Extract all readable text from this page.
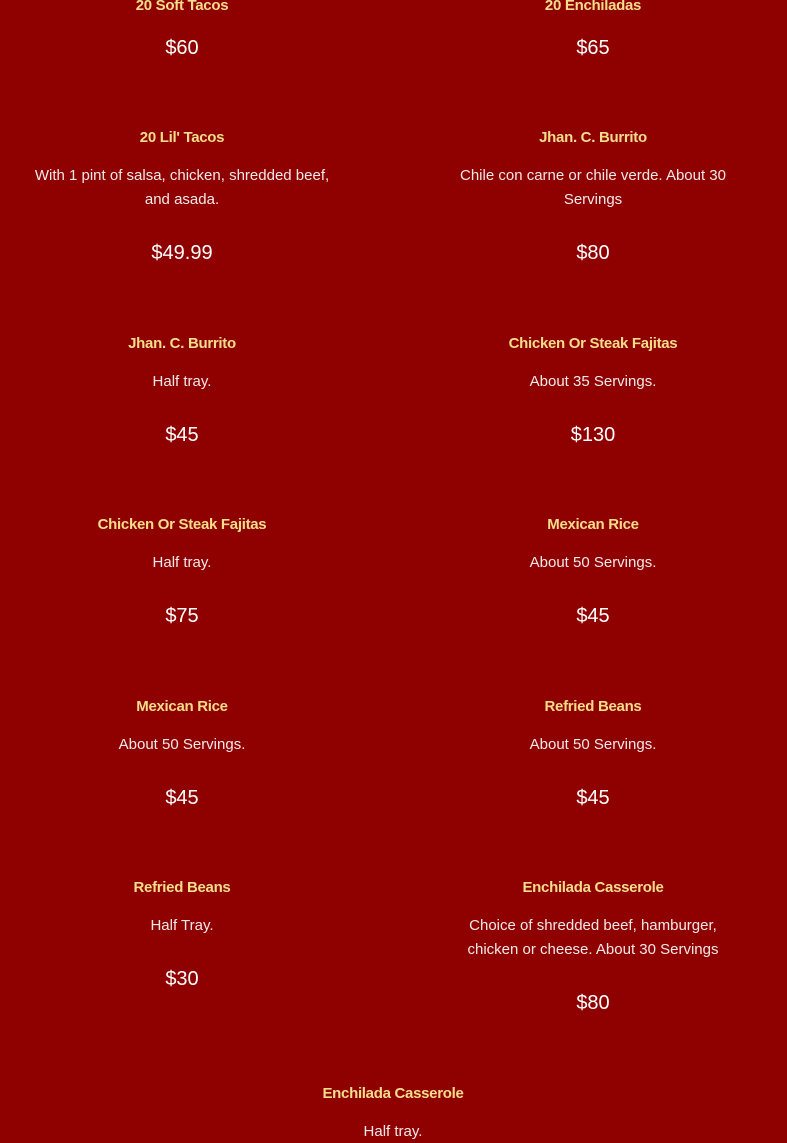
20 Soft Tacos
$60
20 Enchiladas
$65
20 Lil' Tacos
With 1 pint of salsa, chicken, shredded beef, and asada.
$49.99
Jhan. C. Burrito
Chile con carne or chile verde. About 30 Servings
$80
Jhan. C. Burrito
Half tray.
$45
Chicken Or Steak Fajitas
About 35 Servings.
$130
Chicken Or Steak Fajitas
Half tray.
$75
Mexican Rice
About 50 Servings.
$45
Mexican Rice
About 50 Servings.
$45
Refried Beans
About 50 Servings.
$45
Refried Beans
Half Tray.
$30
Enchilada Casserole
Choice of shredded beef, hamburger, chicken or cheese. About 30 Servings
$80
Enchilada Casserole
Half tray.
